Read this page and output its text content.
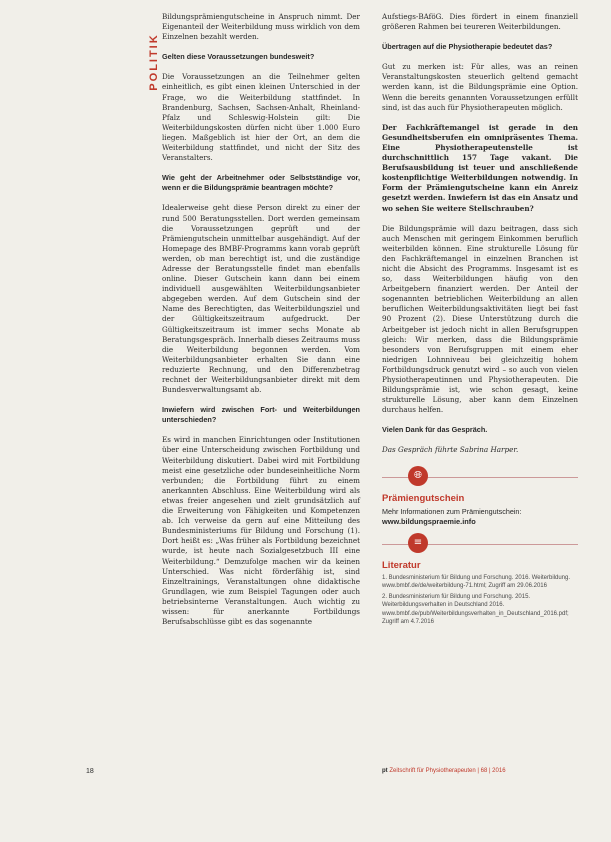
POLITIK

Bildungsprämiengutscheine in Anspruch nimmt. Der Eigenanteil der Weiterbildung muss wirklich von dem Einzelnen bezahlt werden.

Gelten diese Voraussetzungen bundesweit?

Die Voraussetzungen an die Teilnehmer gelten einheitlich, es gibt einen kleinen Unterschied in der Frage, wo die Weiterbildung stattfindet. In Brandenburg, Sachsen, Sachsen-Anhalt, Rheinland-Pfalz und Schleswig-Holstein gilt: Die Weiterbildungskosten dürfen nicht über 1.000 Euro liegen. Maßgeblich ist hier der Ort, an dem die Weiterbildung stattfindet, und nicht der Sitz des Veranstalters.

Wie geht der Arbeitnehmer oder Selbstständige vor, wenn er die Bildungsprämie beantragen möchte?

Idealerweise geht diese Person direkt zu einer der rund 500 Beratungsstellen. Dort werden gemeinsam die Voraussetzungen geprüft und der Prämiengutschein unmittelbar ausgehändigt. Auf der Homepage des BMBF-Programms kann vorab geprüft werden, ob man berechtigt ist, und die zuständige Adresse der Beratungsstelle findet man ebenfalls online. Dieser Gutschein kann dann bei einem individuell ausgewählten Weiterbildungsanbieter abgegeben werden. Auf dem Gutschein sind der Name des Berechtigten, das Weiterbildungsziel und der Gültigkeitszeitraum aufgedruckt. Der Gültigkeitszeitraum ist immer sechs Monate ab Beratungsgespräch. Innerhalb dieses Zeitraums muss die Weiterbildung begonnen werden. Vom Weiterbildungsanbieter erhalten Sie dann eine reduzierte Rechnung, und den Differenzbetrag rechnet der Weiterbildungsanbieter direkt mit dem Bundesverwaltungsamt ab.

Inwiefern wird zwischen Fort- und Weiterbildungen unterschieden?

Es wird in manchen Einrichtungen oder Institutionen über eine Unterscheidung zwischen Fortbildung und Weiterbildung diskutiert. Dabei wird mit Fortbildung meist eine gesetzliche oder bundeseinheitliche Norm verbunden; die Fortbildung führt zu einem anerkannten Abschluss. Eine Weiterbildung wird als etwas freier angesehen und zielt grundsätzlich auf die Erweiterung von Fähigkeiten und Kompetenzen ab. Ich verweise da gern auf eine Mitteilung des Bundesministeriums für Bildung und Forschung (1). Dort heißt es: „Was früher als Fortbildung bezeichnet wurde, ist heute nach Sozialgesetzbuch III eine Weiterbildung.“ Demzufolge machen wir da keinen Unterschied. Was nicht förderfähig ist, sind Einzeltrainings, Veranstaltungen ohne didaktische Grundlagen, wie zum Beispiel Tagungen oder auch betriebsinterne Veranstaltungen. Auch wichtig zu wissen: für anerkannte Fortbildungs Berufsabschlüsse gibt es das sogenannte

Aufstiegs-BAföG. Dies fördert in einem finanziell größeren Rahmen bei teureren Weiterbildungen.

Übertragen auf die Physiotherapie bedeutet das?

Gut zu merken ist: Für alles, was an reinen Veranstaltungskosten steuerlich geltend gemacht werden kann, ist die Bildungsprämie eine Option. Wenn die bereits genannten Voraussetzungen erfüllt sind, ist das auch für Physiotherapeuten möglich.

Der Fachkräftemangel ist gerade in den Gesundheitsberufen ein omnipräsentes Thema. Eine Physiotherapeutenstelle ist durchschnittlich 157 Tage vakant. Die Berufsausbildung ist teuer und anschließende kostenpflichtige Weiterbildungen notwendig. In Form der Prämiengutscheine kann ein Anreiz gesetzt werden. Inwiefern ist das ein Ansatz und wo sehen Sie weitere Stellschrauben?

Die Bildungsprämie will dazu beitragen, dass sich auch Menschen mit geringem Einkommen beruflich weiterbilden können. Eine strukturelle Lösung für den Fachkräftemangel in einzelnen Branchen ist nicht die Absicht des Programms. Insgesamt ist es so, dass Weiterbildungen häufig von den Arbeitgebern finanziert werden. Der Anteil der sogenannten betrieblichen Weiterbildung an allen beruflichen Weiterbildungsaktivitäten liegt bei fast 90 Prozent (2). Diese Unterstützung durch die Arbeitgeber ist jedoch nicht in allen Berufsgruppen gleich: Wir merken, dass die Bildungsprämie besonders von Berufsgruppen mit einem eher niedrigen Lohnniveau bei gleichzeitig hohem Fortbildungsdruck genutzt wird – so auch von vielen Physiotherapeutinnen und Physiotherapeuten. Die Bildungsprämie ist, wie schon gesagt, keine strukturelle Lösung, aber kann dem Einzelnen durchaus helfen.

Vielen Dank für das Gespräch.

Das Gespräch führte Sabrina Harper.

🌐︎
Prämiengutschein

Mehr Informationen zum Prämiengutschein:

www.bildungspraemie.info

≡
Literatur
1. Bundesministerium für Bildung und Forschung. 2016. Weiterbildung. www.bmbf.de/de/weiterbildung-71.html; Zugriff am 29.06.2016
2. Bundesministerium für Bildung und Forschung. 2015. Weiterbildungsverhalten in Deutschland 2016. www.bmbf.de/pub/Weiterbildungsverhalten_in_Deutschland_2016.pdf; Zugriff am 4.7.2016
18	pt Zeitschrift für Physiotherapeuten | 68 | 2016
